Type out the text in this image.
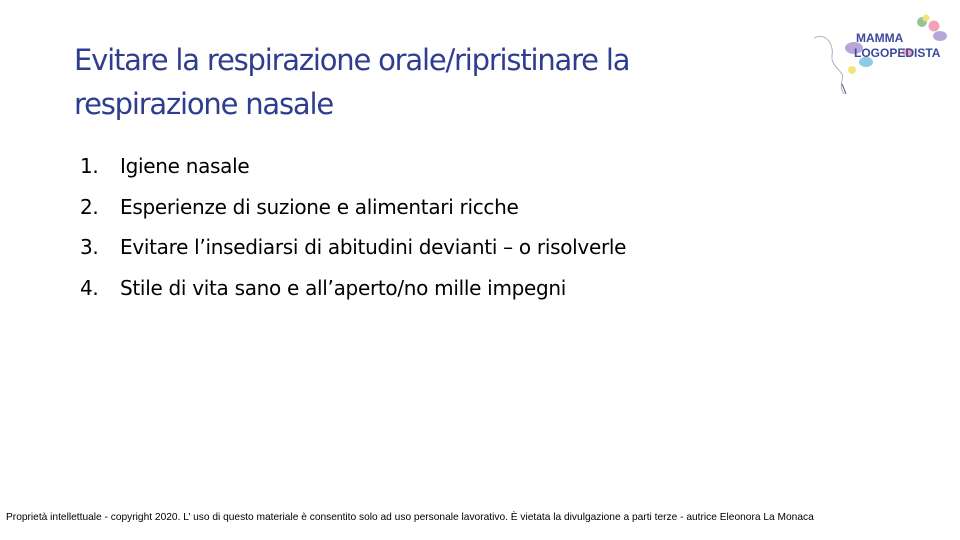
Evitare la respirazione orale/ripristinare la
respirazione nasale
1.	Igiene nasale
2.	Esperienze di suzione e alimentari ricche
3.	Evitare l’insediarsi di abitudini devianti – o risolverle
4.	Stile di vita sano e all’aperto/no mille impegni
MAMMA
LOGOPEDISTA
Proprietà intellettuale - copyright 2020. L’ uso di questo materiale è consentito solo ad uso personale lavorativo. È vietata la divulgazione a parti terze - autrice Eleonora La Monaca
